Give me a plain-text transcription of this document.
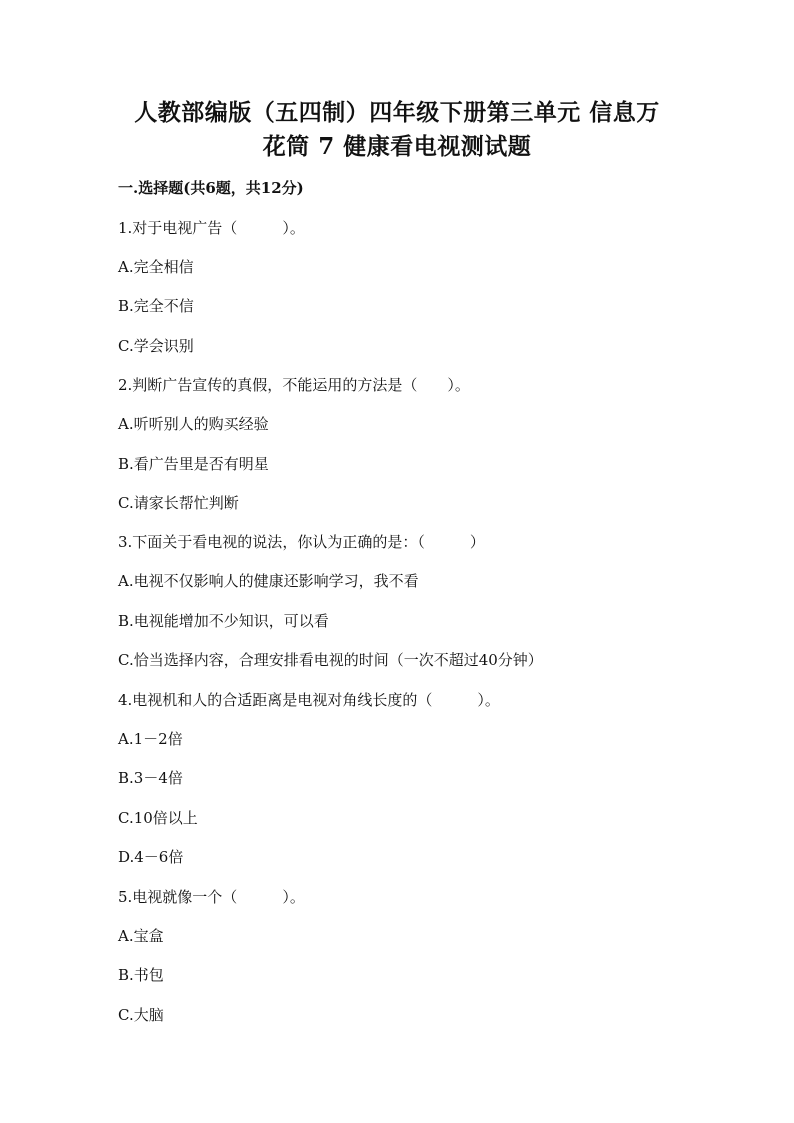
人教部编版（五四制）四年级下册第三单元 信息万
花筒 7 健康看电视测试题
一.选择题(共6题，共12分)
1.对于电视广告（　　　）。
A.完全相信
B.完全不信
C.学会识别
2.判断广告宣传的真假，不能运用的方法是（　　）。
A.听听别人的购买经验
B.看广告里是否有明星
C.请家长帮忙判断
3.下面关于看电视的说法，你认为正确的是：（　　　）
A.电视不仅影响人的健康还影响学习，我不看
B.电视能增加不少知识，可以看
C.恰当选择内容，合理安排看电视的时间（一次不超过40分钟）
4.电视机和人的合适距离是电视对角线长度的（　　　）。
A.1－2倍
B.3－4倍
C.10倍以上
D.4－6倍
5.电视就像一个（　　　）。
A.宝盒
B.书包
C.大脑
